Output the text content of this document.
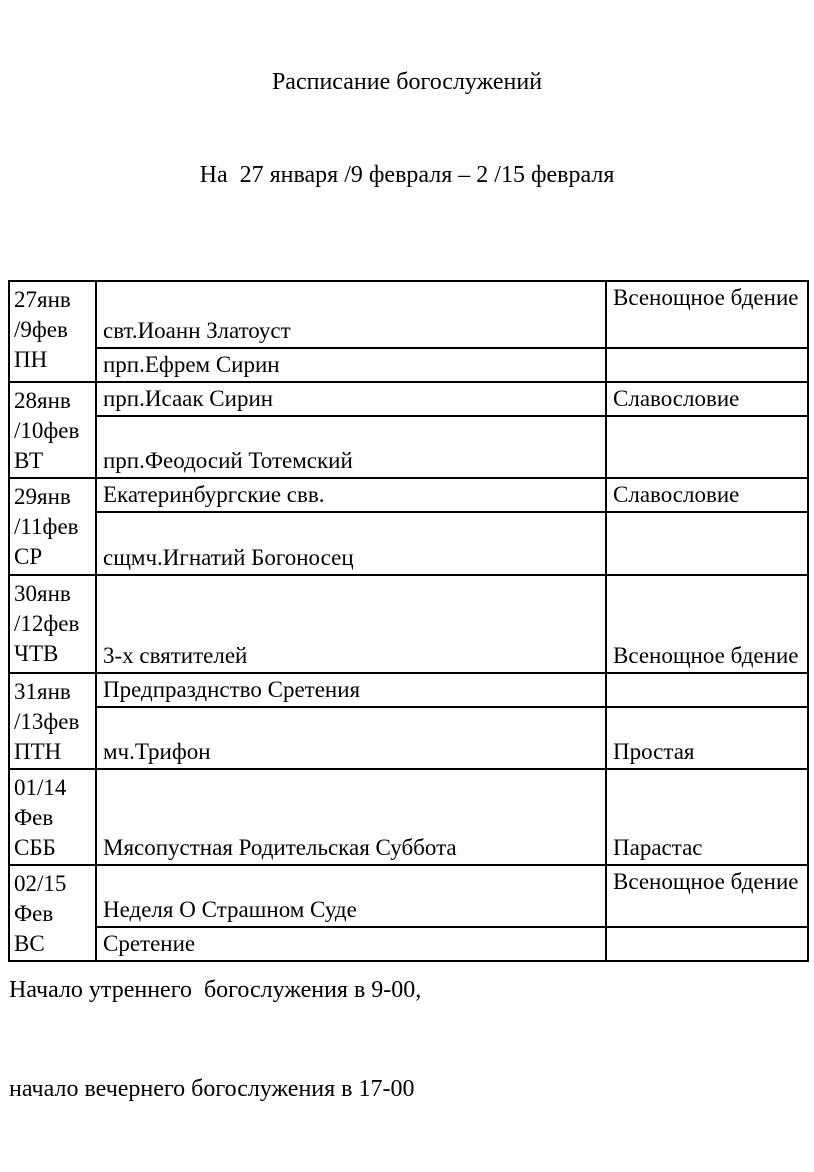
Расписание богослужений

На  27 января /9 февраля – 2 /15 февраля

27янв
/9фев
ПН	свт.Иоанн Златоуст	Всенощное бдение
	прп.Ефрем Сирин	

28янв
/10фев
ВТ	прп.Исаак Сирин	Славословие
	прп.Феодосий Тотемский	

29янв
/11фев
СР	Екатеринбургские свв.	Славословие
	сщмч.Игнатий Богоносец	

30янв
/12фев
ЧТВ	3-х святителей	Всенощное бдение

31янв
/13фев
ПТН	Предпразднство Сретения	
	мч.Трифон	Простая

01/14
Фев
СББ	Мясопустная Родительская Суббота	Парастас

02/15
Фев
ВС	Неделя О Страшном Суде	Всенощное бдение
	Сретение	

Начало утреннего  богослужения в 9-00,

начало вечернего богослужения в 17-00
